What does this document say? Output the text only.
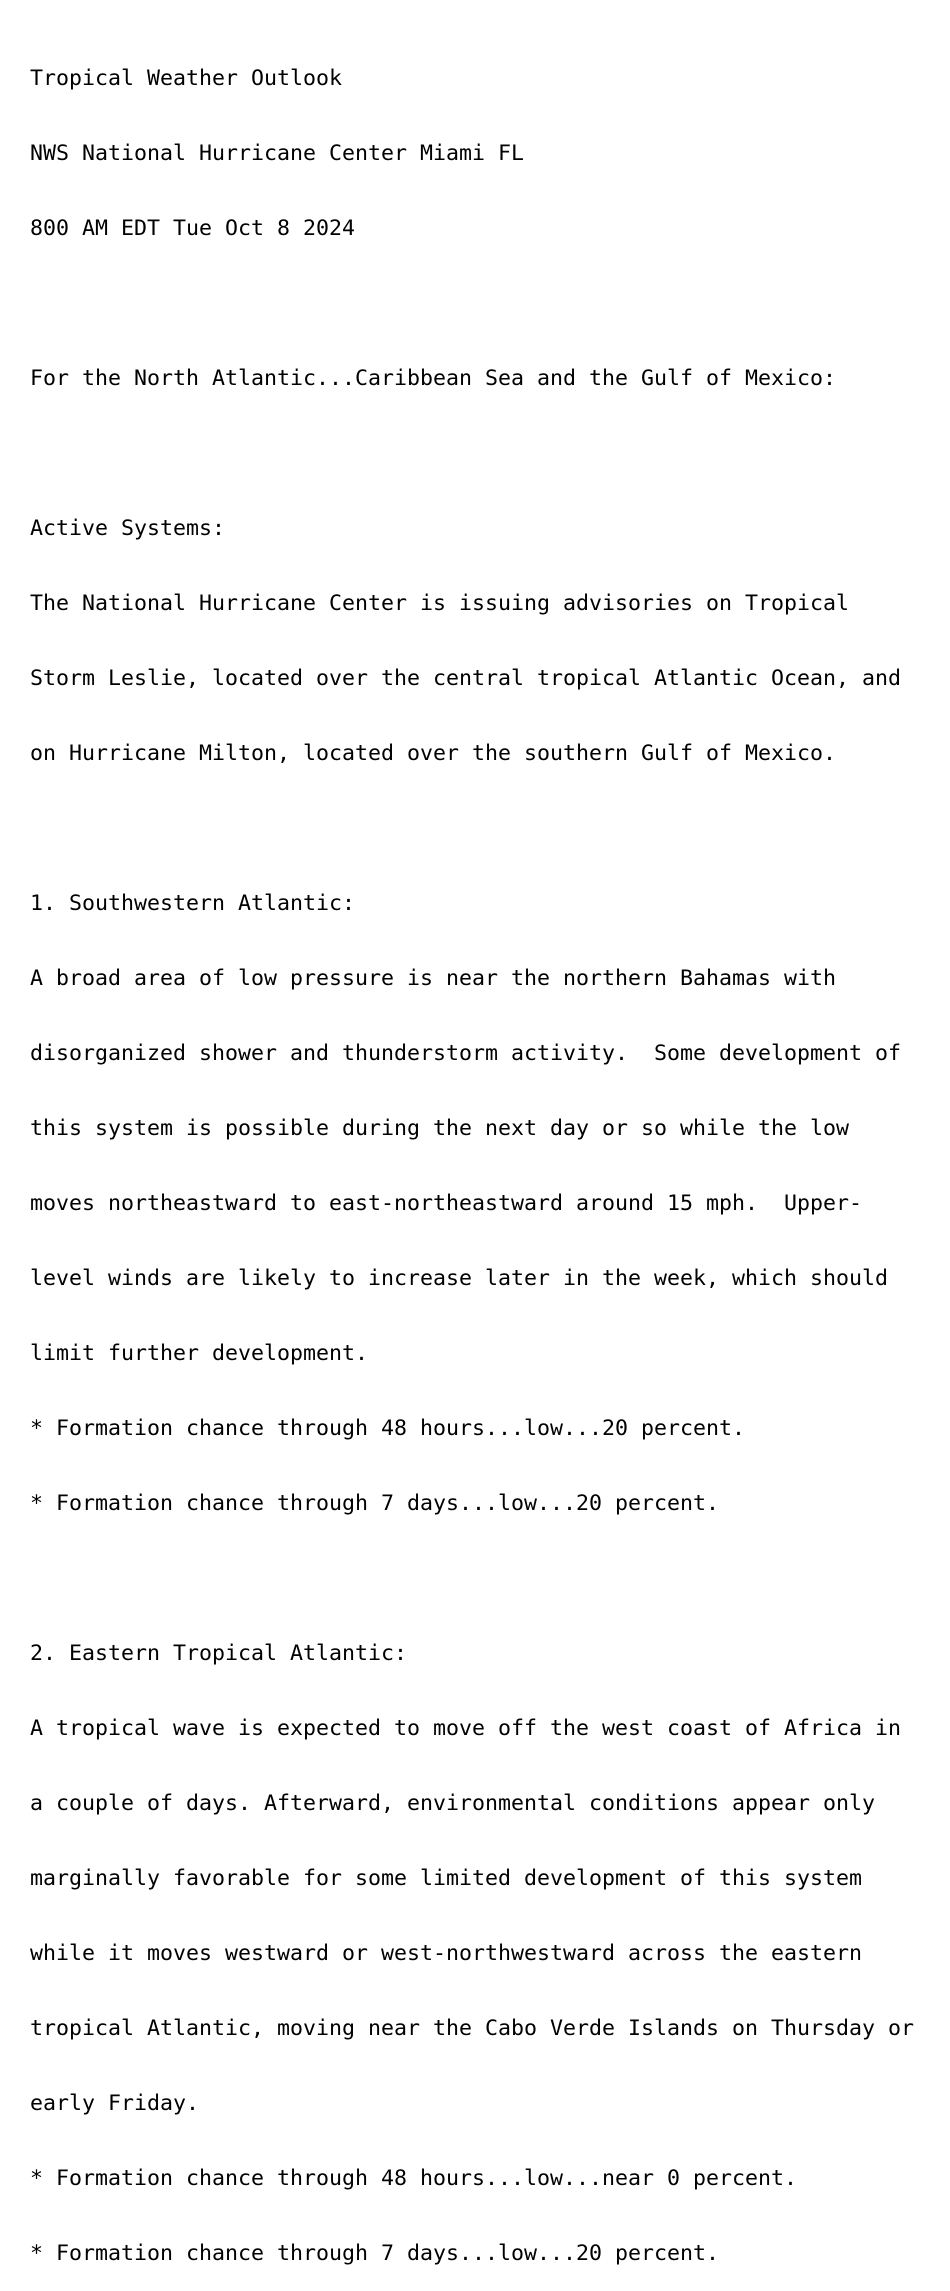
Tropical Weather Outlook

NWS National Hurricane Center Miami FL

800 AM EDT Tue Oct 8 2024

For the North Atlantic...Caribbean Sea and the Gulf of Mexico:

Active Systems:

The National Hurricane Center is issuing advisories on Tropical

Storm Leslie, located over the central tropical Atlantic Ocean, and

on Hurricane Milton, located over the southern Gulf of Mexico.

1. Southwestern Atlantic:

A broad area of low pressure is near the northern Bahamas with

disorganized shower and thunderstorm activity.  Some development of

this system is possible during the next day or so while the low

moves northeastward to east-northeastward around 15 mph.  Upper-

level winds are likely to increase later in the week, which should

limit further development.

* Formation chance through 48 hours...low...20 percent.

* Formation chance through 7 days...low...20 percent.

2. Eastern Tropical Atlantic:

A tropical wave is expected to move off the west coast of Africa in

a couple of days. Afterward, environmental conditions appear only

marginally favorable for some limited development of this system

while it moves westward or west-northwestward across the eastern

tropical Atlantic, moving near the Cabo Verde Islands on Thursday or

early Friday.

* Formation chance through 48 hours...low...near 0 percent.

* Formation chance through 7 days...low...20 percent.
